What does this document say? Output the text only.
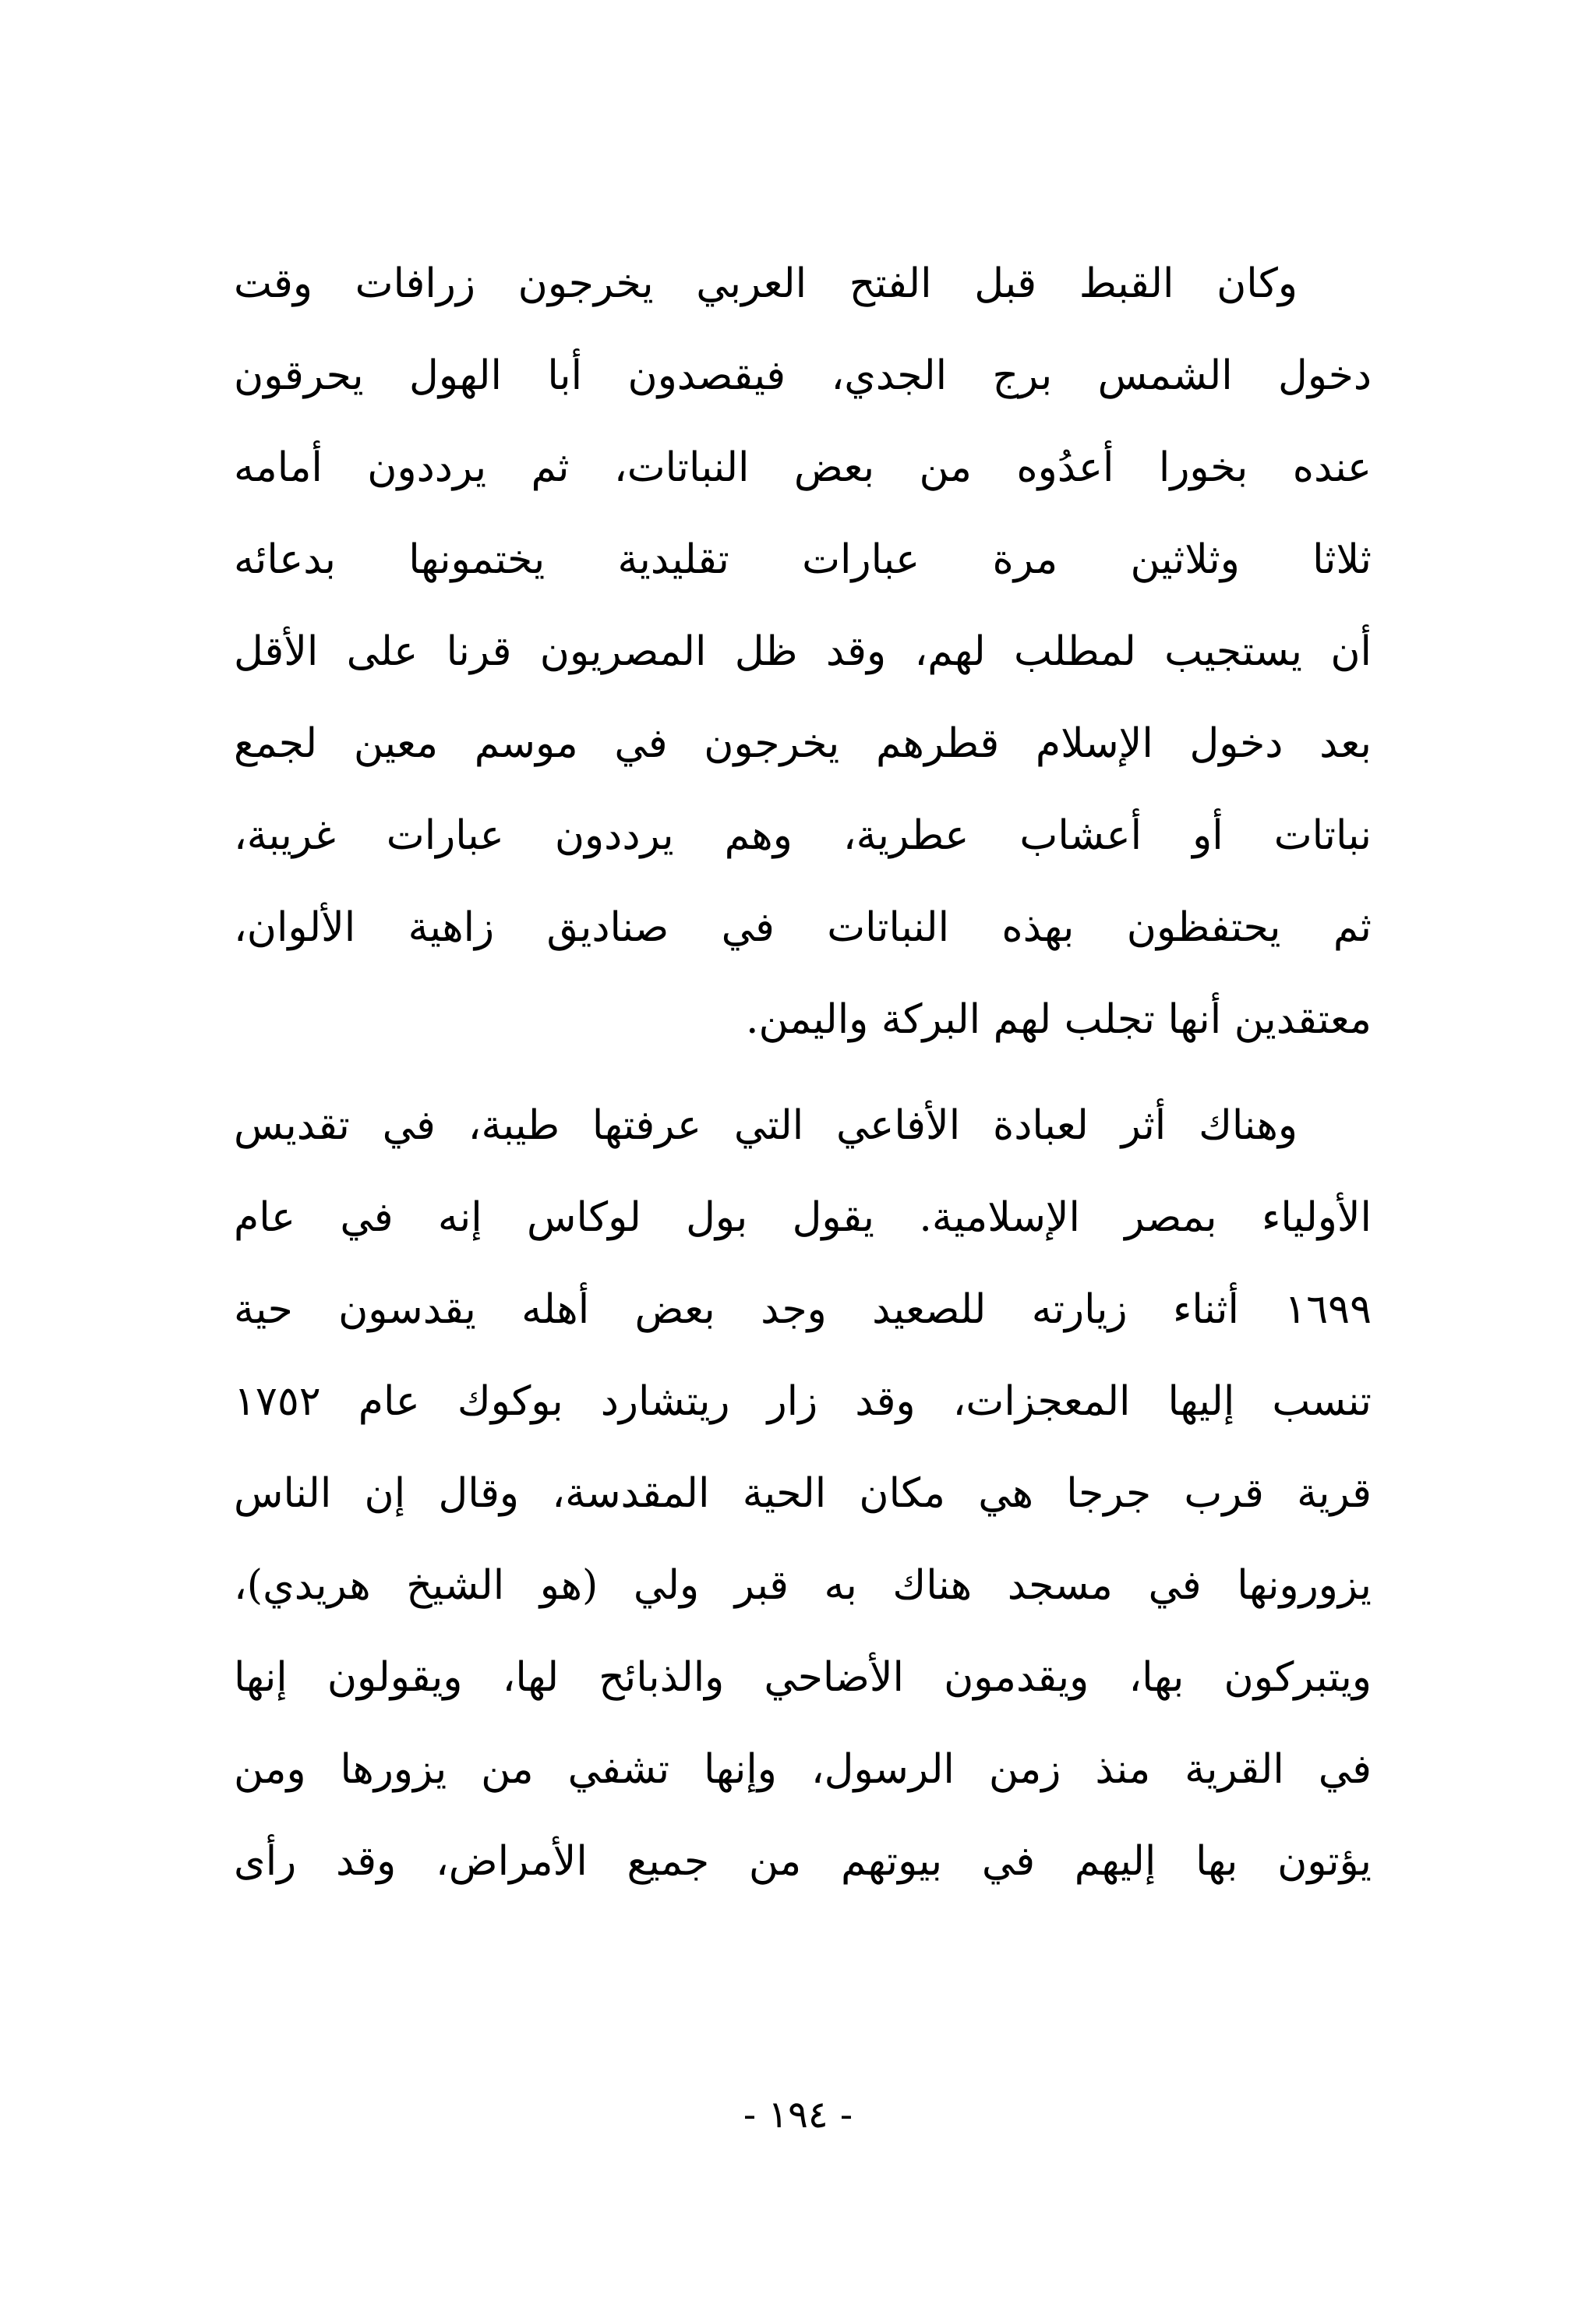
وكان القبط قبل الفتح العربي يخرجون زرافات وقت
دخول الشمس برج الجدي، فيقصدون أبا الهول يحرقون
عنده بخورا أعدُوه من بعض النباتات، ثم يرددون أمامه
ثلاثا وثلاثين مرة عبارات تقليدية يختمونها بدعائه
أن يستجيب لمطلب لهم، وقد ظل المصريون قرنا على الأقل
بعد دخول الإسلام قطرهم يخرجون في موسم معين لجمع
نباتات أو أعشاب عطرية، وهم يرددون عبارات غريبة،
ثم يحتفظون بهذه النباتات في صناديق زاهية الألوان،
معتقدين أنها تجلب لهم البركة واليمن.
وهناك أثر لعبادة الأفاعي التي عرفتها طيبة، في تقديس
الأولياء بمصر الإسلامية. يقول بول لوكاس إنه في عام
١٦٩٩ أثناء زيارته للصعيد وجد بعض أهله يقدسون حية
تنسب إليها المعجزات، وقد زار ريتشارد بوكوك عام ١٧٥٢
قرية قرب جرجا هي مكان الحية المقدسة، وقال إن الناس
يزورونها في مسجد هناك به قبر ولي (هو الشيخ هريدي)،
ويتبركون بها، ويقدمون الأضاحي والذبائح لها، ويقولون إنها
في القرية منذ زمن الرسول، وإنها تشفي من يزورها ومن
يؤتون بها إليهم في بيوتهم من جميع الأمراض، وقد رأى
- ١٩٤ -
